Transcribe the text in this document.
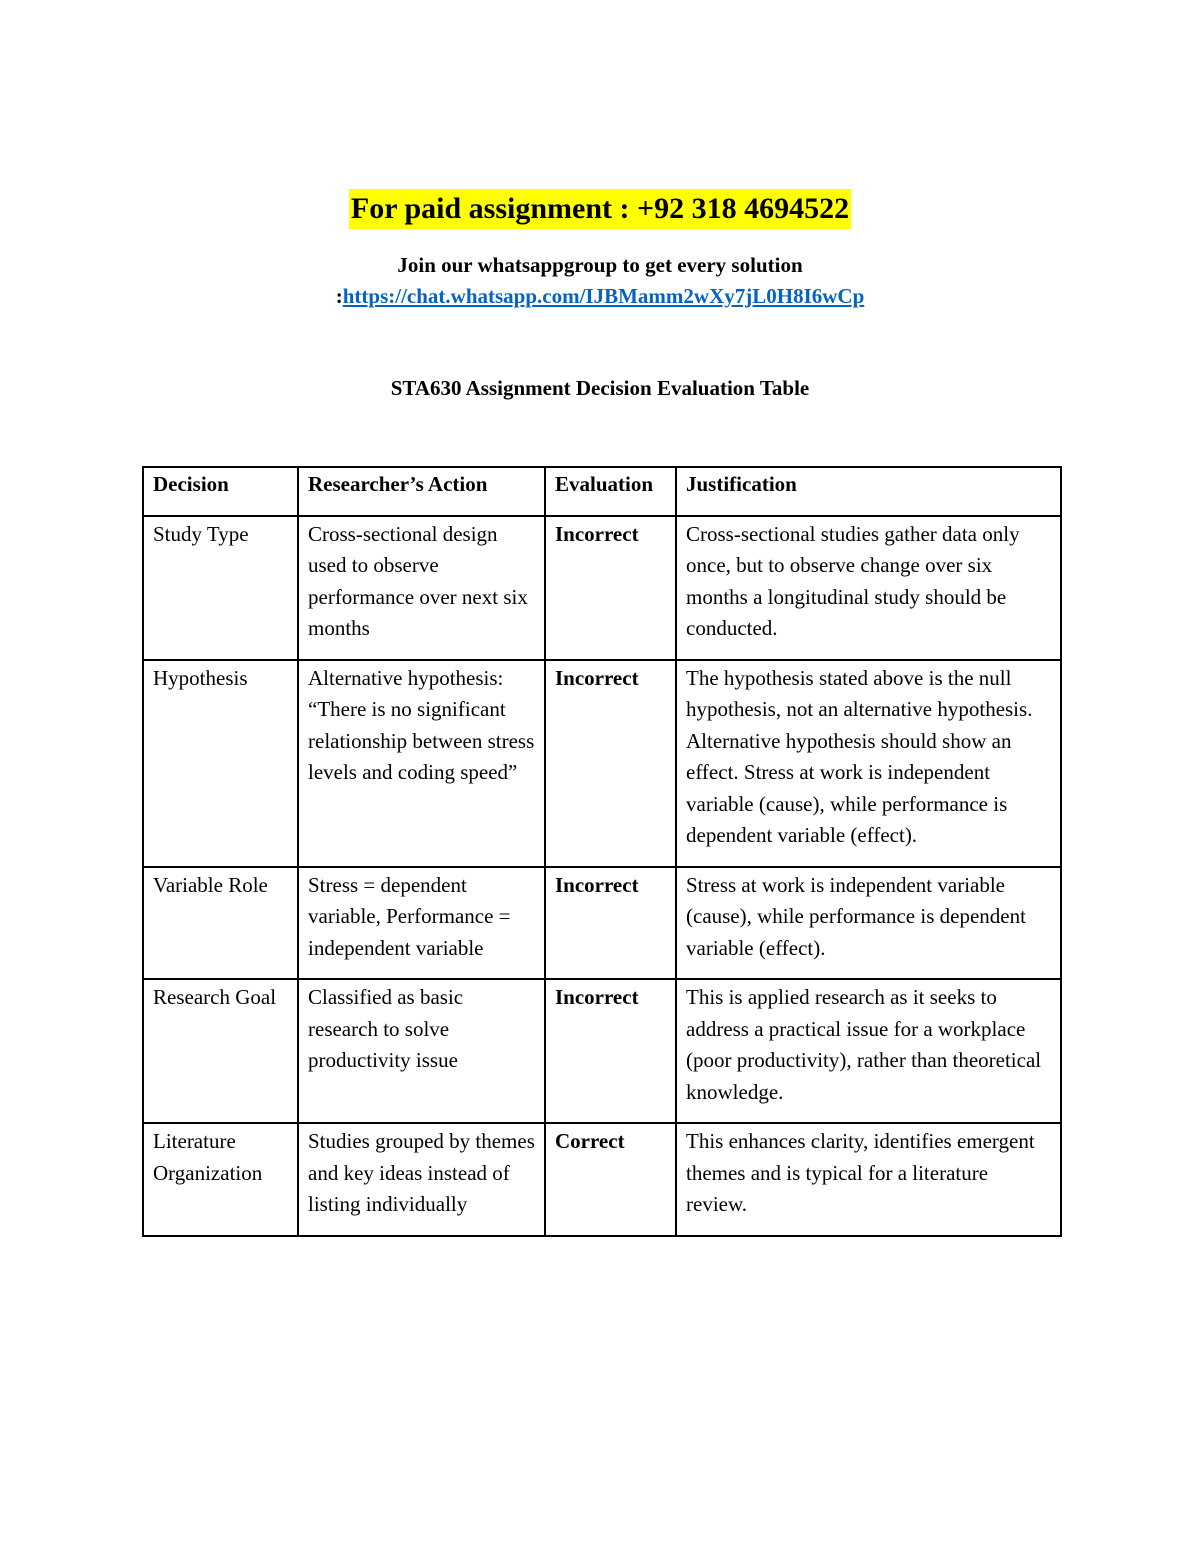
For paid assignment : +92 318 4694522
Join our whatsappgroup to get every solution
:https://chat.whatsapp.com/IJBMamm2wXy7jL0H8I6wCp
STA630 Assignment Decision Evaluation Table
Decision	Researcher’s Action	Evaluation	Justification
Study Type	Cross-sectional design used to observe performance over next six months	Incorrect	Cross-sectional studies gather data only once, but to observe change over six months a longitudinal study should be conducted.
Hypothesis	Alternative hypothesis: “There is no significant relationship between stress levels and coding speed”	Incorrect	The hypothesis stated above is the null hypothesis, not an alternative hypothesis. Alternative hypothesis should show an effect. Stress at work is independent variable (cause), while performance is dependent variable (effect).
Variable Role	Stress = dependent variable, Performance = independent variable	Incorrect	Stress at work is independent variable (cause), while performance is dependent variable (effect).
Research Goal	Classified as basic research to solve productivity issue	Incorrect	This is applied research as it seeks to address a practical issue for a workplace (poor productivity), rather than theoretical knowledge.
Literature Organization	Studies grouped by themes and key ideas instead of listing individually	Correct	This enhances clarity, identifies emergent themes and is typical for a literature review.
